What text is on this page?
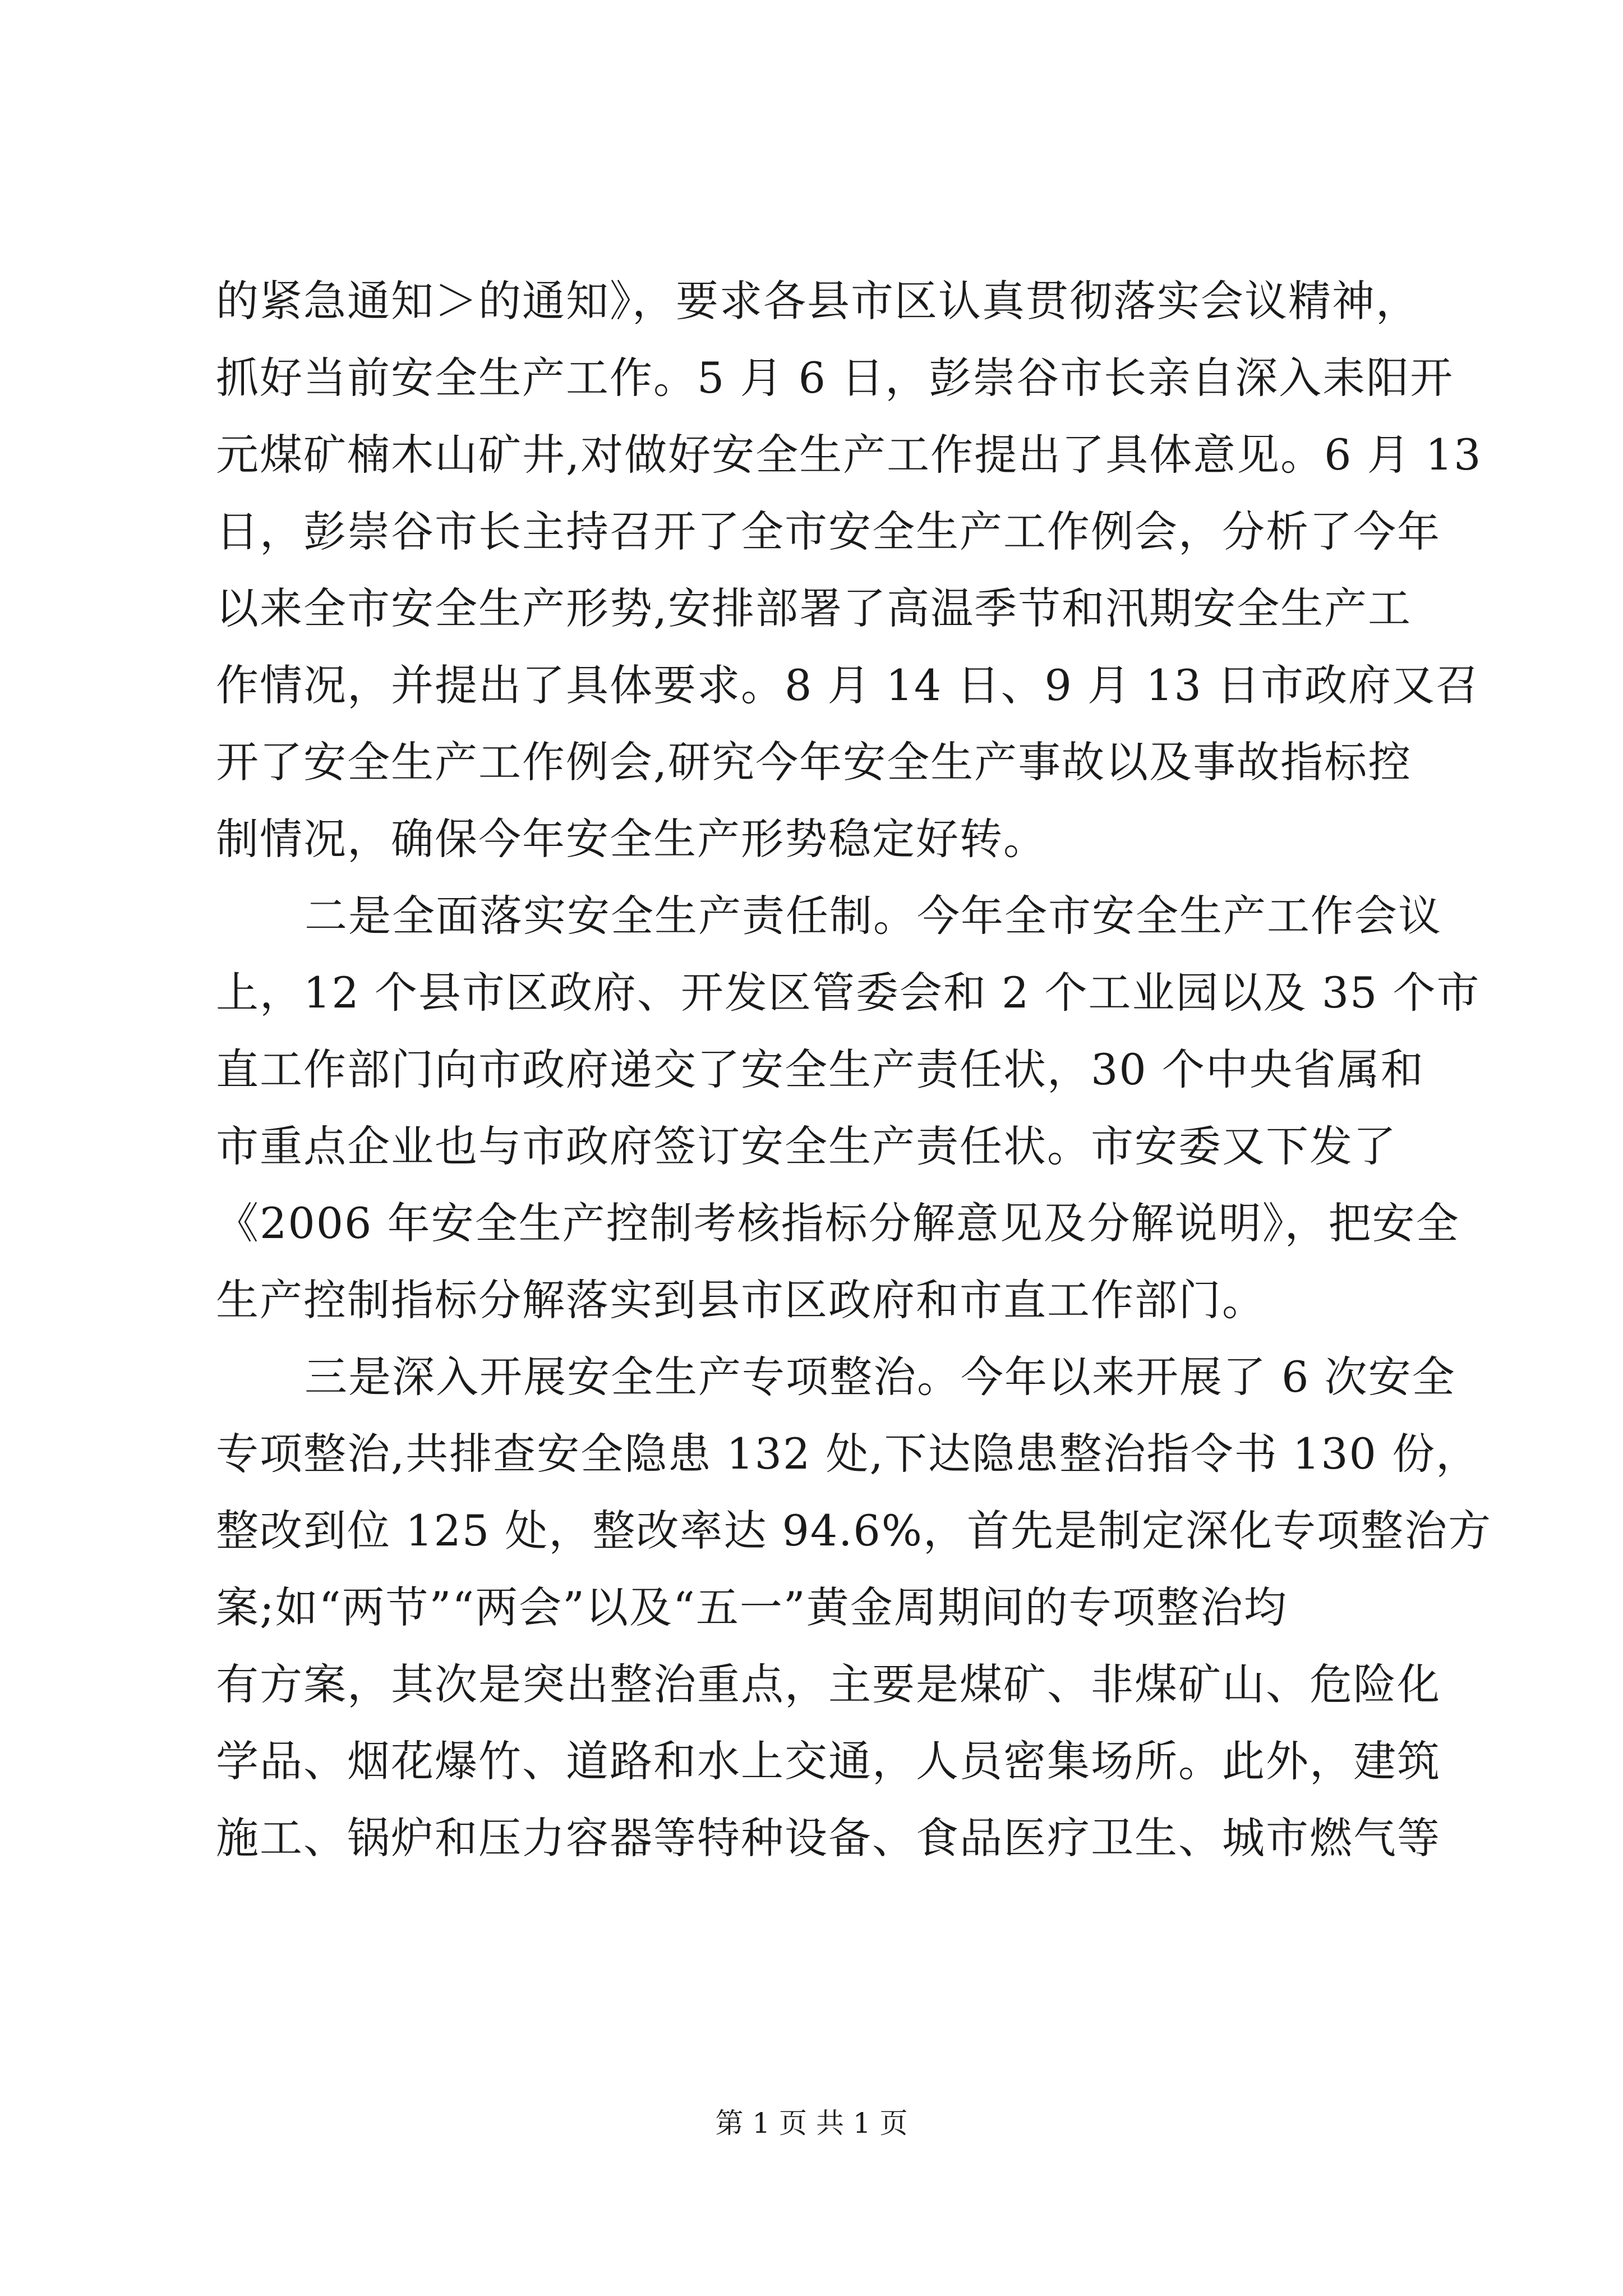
的紧急通知＞的通知》，要求各县市区认真贯彻落实会议精神，
抓好当前安全生产工作。5 月 6 日，彭崇谷市长亲自深入耒阳开
元煤矿楠木山矿井,对做好安全生产工作提出了具体意见。6 月 13
日，彭崇谷市长主持召开了全市安全生产工作例会，分析了今年
以来全市安全生产形势,安排部署了高温季节和汛期安全生产工
作情况，并提出了具体要求。8 月 14 日、9 月 13 日市政府又召
开了安全生产工作例会,研究今年安全生产事故以及事故指标控
制情况，确保今年安全生产形势稳定好转。
二是全面落实安全生产责任制。今年全市安全生产工作会议
上，12 个县市区政府、开发区管委会和 2 个工业园以及 35 个市
直工作部门向市政府递交了安全生产责任状，30 个中央省属和
市重点企业也与市政府签订安全生产责任状。市安委又下发了
《2006 年安全生产控制考核指标分解意见及分解说明》，把安全
生产控制指标分解落实到县市区政府和市直工作部门。
三是深入开展安全生产专项整治。今年以来开展了 6 次安全
专项整治,共排查安全隐患 132 处,下达隐患整治指令书 130 份，
整改到位 125 处，整改率达 94.6%，首先是制定深化专项整治方
案;如“两节”“两会”以及“五一”黄金周期间的专项整治均
有方案，其次是突出整治重点，主要是煤矿、非煤矿山、危险化
学品、烟花爆竹、道路和水上交通，人员密集场所。此外，建筑
施工、锅炉和压力容器等特种设备、食品医疗卫生、城市燃气等
第 1 页 共 1 页
